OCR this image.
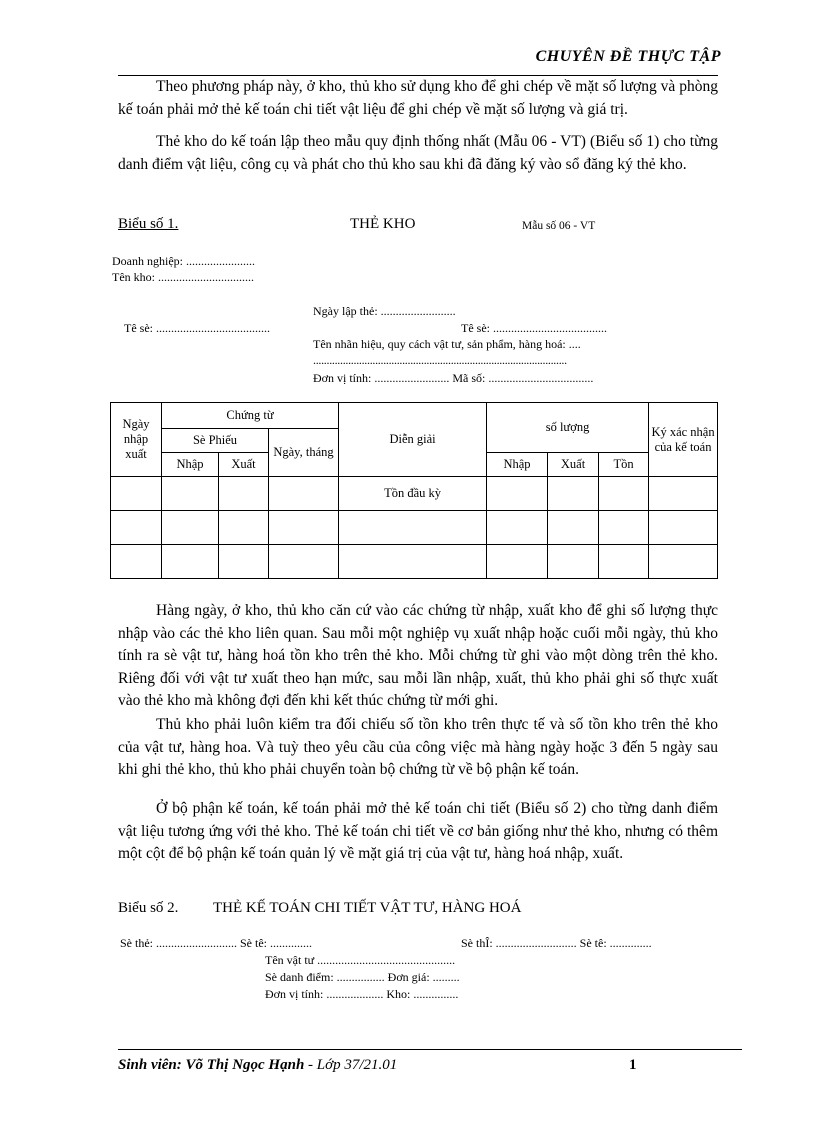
CHUYÊN ĐỀ THỰC TẬP
Theo phương pháp này, ở kho, thủ kho sử dụng kho để ghi chép về mặt số lượng và phòng kế toán phải mở thẻ kế toán chi tiết vật liệu để ghi chép về mặt số lượng và giá trị.
Thẻ kho do kế toán lập theo mẫu quy định thống nhất (Mẫu 06 - VT) (Biểu số 1) cho từng danh điểm vật liệu, công cụ và phát cho thủ kho sau khi đã đăng ký vào sổ đăng ký thẻ kho.
Biểu số 1.	THẺ KHO	Mẫu số 06 - VT
Doanh nghiệp: .......................
Tên kho: ................................
Ngày lập thẻ: .........................
Tê sè: ......................................	Tê sè: ......................................
Tên nhãn hiệu, quy cách vật tư, sản phẩm, hàng hoá: ....
..............................................................................................
Đơn vị tính: ......................... Mã số: ...................................
Ngày nhập xuất	Chứng từ			Diễn giải	số lượng			Ký xác nhận của kế toán
	Sè Phiếu		Ngày, tháng					
	Nhập	Xuất			Nhập	Xuất	Tồn	
				Tồn đầu kỳ				

Hàng ngày, ở kho, thủ kho căn cứ vào các chứng từ nhập, xuất kho để ghi số lượng thực nhập vào các thẻ kho liên quan. Sau mỗi một nghiệp vụ xuất nhập hoặc cuối mỗi ngày, thủ kho tính ra sè vật tư, hàng hoá tồn kho trên thẻ kho. Mỗi chứng từ ghi vào một dòng trên thẻ kho. Riêng đối với vật tư xuất theo hạn mức, sau mỗi lần nhập, xuất, thủ kho phải ghi số thực xuất vào thẻ kho mà không đợi đến khi kết thúc chứng từ mới ghi.
Thủ kho phải luôn kiểm tra đối chiếu số tồn kho trên thực tế và số tồn kho trên thẻ kho của vật tư, hàng hoa. Và tuỳ theo yêu cầu của công việc mà hàng ngày hoặc 3 đến 5 ngày sau khi ghi thẻ kho, thủ kho phải chuyển toàn bộ chứng từ về bộ phận kế toán.
Ở bộ phận kế toán, kế toán phải mở thẻ kế toán chi tiết (Biểu số 2) cho từng danh điểm vật liệu tương ứng với thẻ kho. Thẻ kế toán chi tiết về cơ bản giống như thẻ kho, nhưng có thêm một cột để bộ phận kế toán quản lý về mặt giá trị của vật tư, hàng hoá nhập, xuất.
Biểu số 2. THẺ KẾ TOÁN CHI TIẾT VẬT TƯ, HÀNG HOÁ
Sè thẻ: ........................... Sè tê: ..............	Sè thÎ: ........................... Sè tê: ..............
Tên vật tư ..............................................
Sè danh điểm: ................ Đơn giá: .........
Đơn vị tính: ................... Kho: ...............
Sinh viên: Võ Thị Ngọc Hạnh - Lớp 37/21.01	1
